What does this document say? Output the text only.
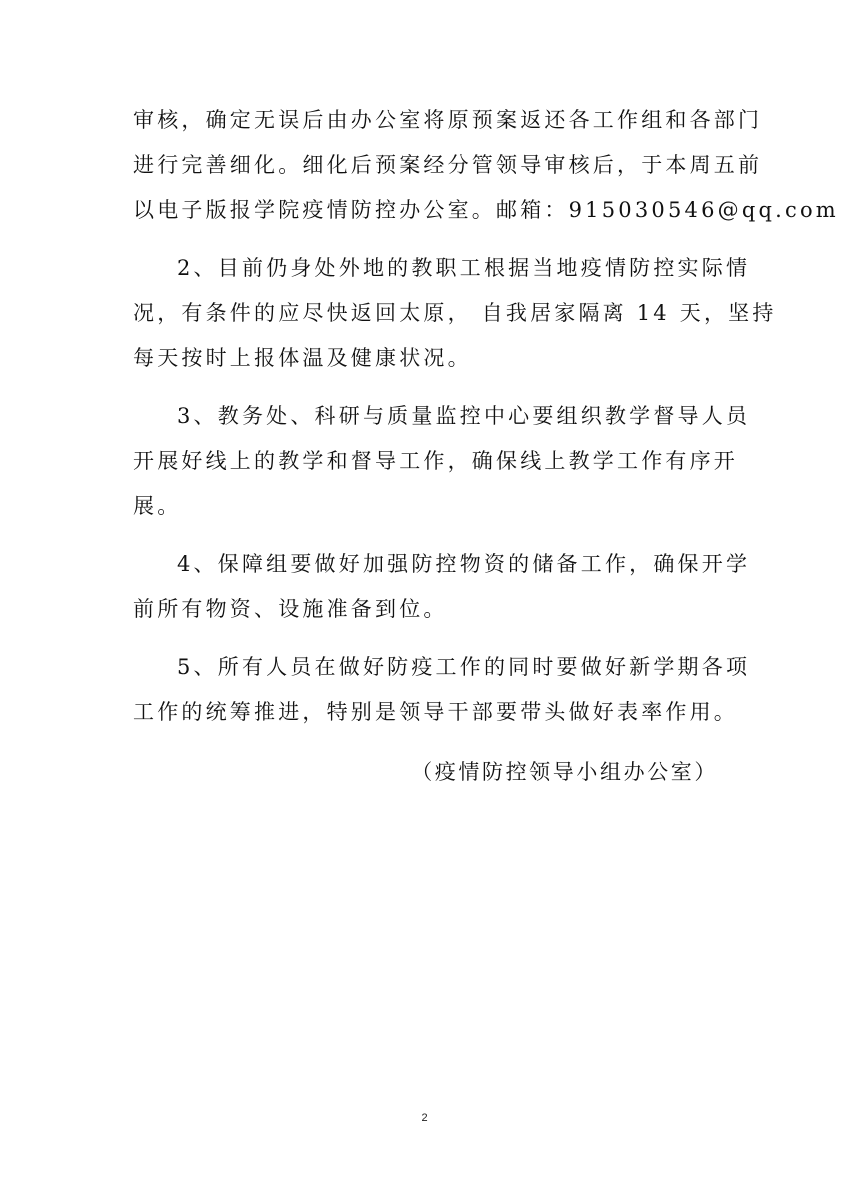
审核，确定无误后由办公室将原预案返还各工作组和各部门
进行完善细化。细化后预案经分管领导审核后，于本周五前
以电子版报学院疫情防控办公室。邮箱：915030546@qq.com
2、目前仍身处外地的教职工根据当地疫情防控实际情
况，有条件的应尽快返回太原， 自我居家隔离 14 天，坚持
每天按时上报体温及健康状况。
3、教务处、科研与质量监控中心要组织教学督导人员
开展好线上的教学和督导工作，确保线上教学工作有序开
展。
4、保障组要做好加强防控物资的储备工作，确保开学
前所有物资、设施准备到位。
5、所有人员在做好防疫工作的同时要做好新学期各项
工作的统筹推进，特别是领导干部要带头做好表率作用。
（疫情防控领导小组办公室）
2
